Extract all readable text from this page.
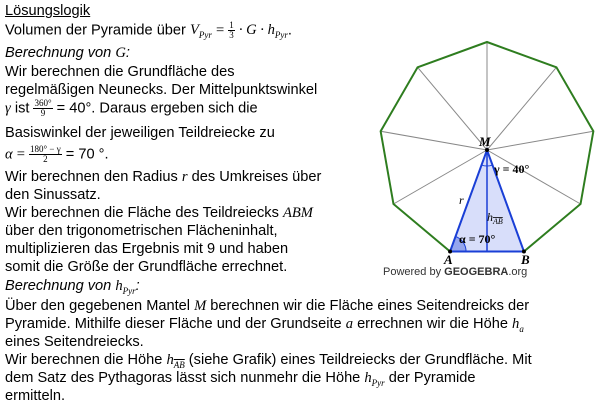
Lösungslogik
Volumen der Pyramide über $V_{Pyr} = \frac{1}{3} \cdot G \cdot h_{Pyr}$.
Berechnung von G:
Wir berechnen die Grundfläche des
regelmäßigen Neunecks. Der Mittelpunktswinkel
γ ist $\frac{360^\circ}{9} = 40^\circ$. Daraus ergeben sich die
Basiswinkel der jeweiligen Teildreiecke zu
$\alpha = \frac{180^\circ - \gamma}{2} = 70$ °.
Wir berechnen den Radius r des Umkreises über
den Sinussatz.
Wir berechnen die Fläche des Teildreiecks ABM
über den trigonometrischen Flächeninhalt,
multiplizieren das Ergebnis mit 9 und haben
somit die Größe der Grundfläche errechnet.
Berechnung von $h_{Pyr}$:
Über den gegebenen Mantel M berechnen wir die Fläche eines Seitendreicks der
Pyramide. Mithilfe dieser Fläche und der Grundseite a errechnen wir die Höhe $h_a$
eines Seitendreiecks.
Wir berechnen die Höhe $h_{\overline{AB}}$ (siehe Grafik) eines Teildreiecks der Grundfläche. Mit
dem Satz des Pythagoras lässt sich nunmehr die Höhe $h_{Pyr}$ der Pyramide
ermitteln.
M
A	B
r
$h_{AB}$
γ = 40°
α = 70°
Powered by GEOGEBRA.org
